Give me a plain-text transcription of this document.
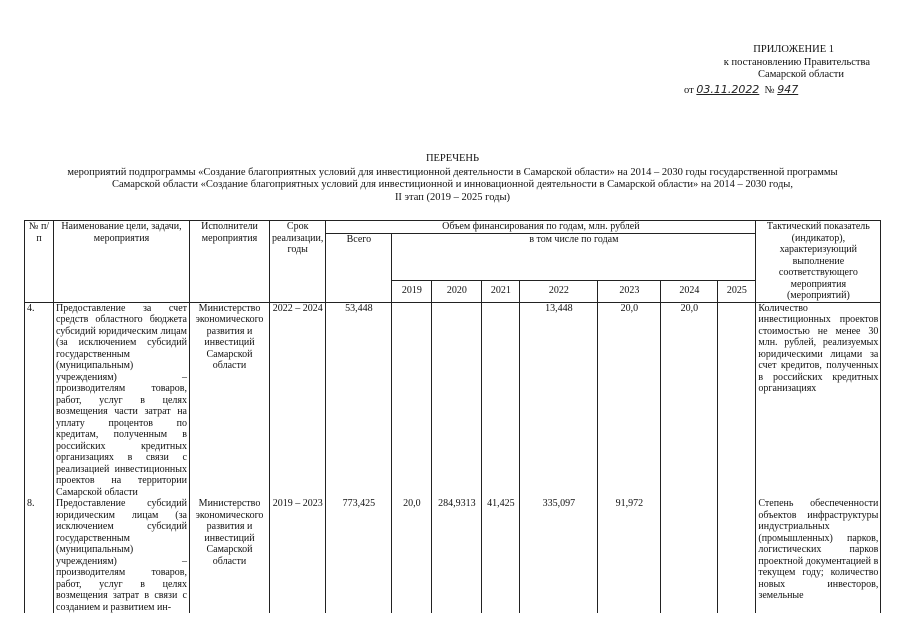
ПРИЛОЖЕНИЕ 1
к постановлению Правительства
Самарской области
от 03.11.2022 № 947
ПЕРЕЧЕНЬ
мероприятий подпрограммы «Создание благоприятных условий для инвестиционной деятельности в Самарской области» на 2014 – 2030 годы государственной программы
Самарской области «Создание благоприятных условий для инвестиционной и инновационной деятельности в Самарской области» на 2014 – 2030 годы,
II этап (2019 – 2025 годы)
№ п/п	Наименование цели, задачи, мероприятия	Исполнители мероприятия	Срок реализации, годы	Объем финансирования по годам, млн. рублей								Тактический показатель (индикатор), характеризующий выполнение соответствующего мероприятия (мероприятий)
				Всего	в том числе по годам							
					2019	2020	2021	2022	2023	2024	2025	
4.	Предоставление за счет средств областного бюджета субсидий юридическим лицам (за исключением субсидий государственным (муниципальным) учреждениям) – производителям товаров, работ, услуг в целях возмещения части затрат на уплату процентов по кредитам, полученным в российских кредитных организациях в связи с реализацией инвестиционных проектов на территории Самарской области	Министерство экономического развития и инвестиций Самарской области	2022 – 2024	53,448				13,448	20,0	20,0		Количество инвестиционных проектов стоимостью не менее 30 млн. рублей, реализуемых юридическими лицами за счет кредитов, полученных в российских кредитных организациях
8.	Предоставление субсидий юридическим лицам (за исключением субсидий государственным (муниципальным) учреждениям) – производителям товаров, работ, услуг в целях возмещения затрат в связи с созданием и развитием ин-	Министерство экономического развития и инвестиций Самарской области	2019 – 2023	773,425	20,0	284,9313	41,425	335,097	91,972			Степень обеспеченности объектов инфраструктуры индустриальных (промышленных) парков, логистических парков проектной документацией в текущем году; количество новых инвесторов, земельные
